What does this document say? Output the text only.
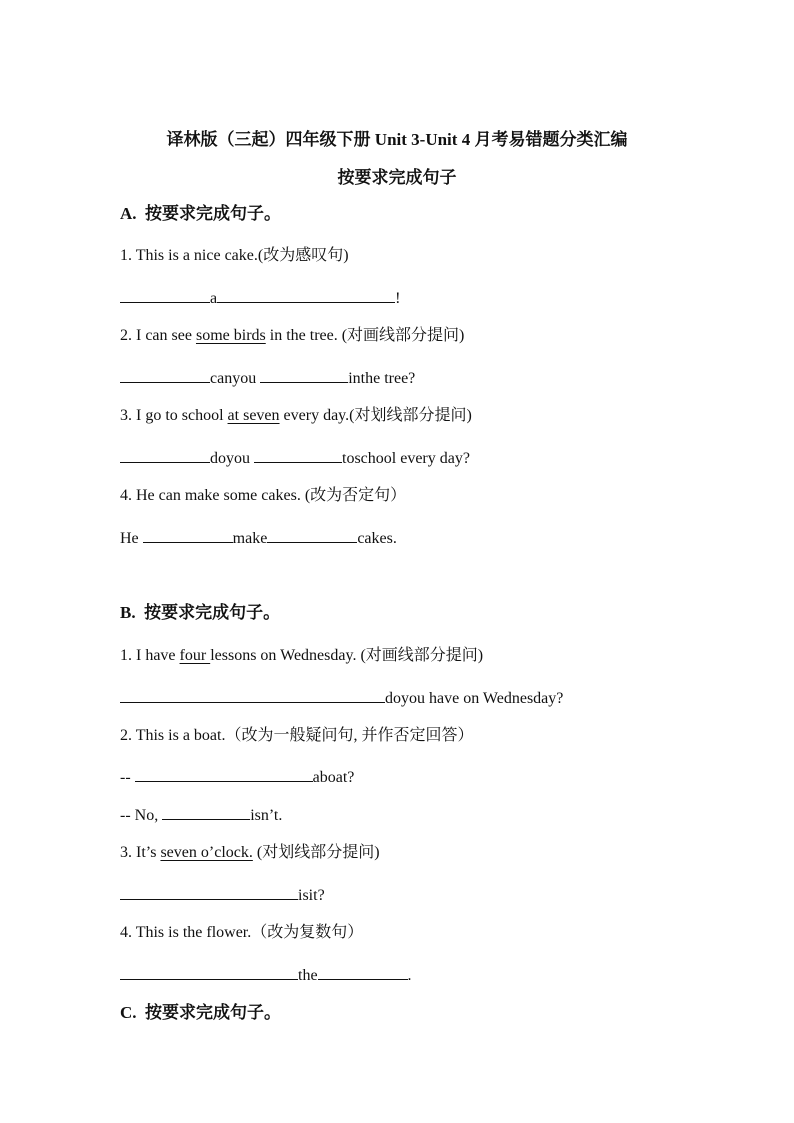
译林版（三起）四年级下册 Unit 3-Unit 4 月考易错题分类汇编
按要求完成句子
A.  按要求完成句子。
1. This is a nice cake.(改为感叹句)
a	!
2. I can see some birds in the tree. (对画线部分提问)
canyou	inthe tree?
3. I go to school at seven every day.(对划线部分提问)
doyou	toschool every day?
4. He can make some cakes. (改为否定句）
He	make	cakes.
B.  按要求完成句子。
1. I have four lessons on Wednesday. (对画线部分提问)
doyou have on Wednesday?
2. This is a boat.（改为一般疑问句, 并作否定回答）
--	aboat?
-- No,	isn’t.
3. It’s seven o’clock. (对划线部分提问)
isit?
4. This is the flower.（改为复数句）
the	.
C.  按要求完成句子。
